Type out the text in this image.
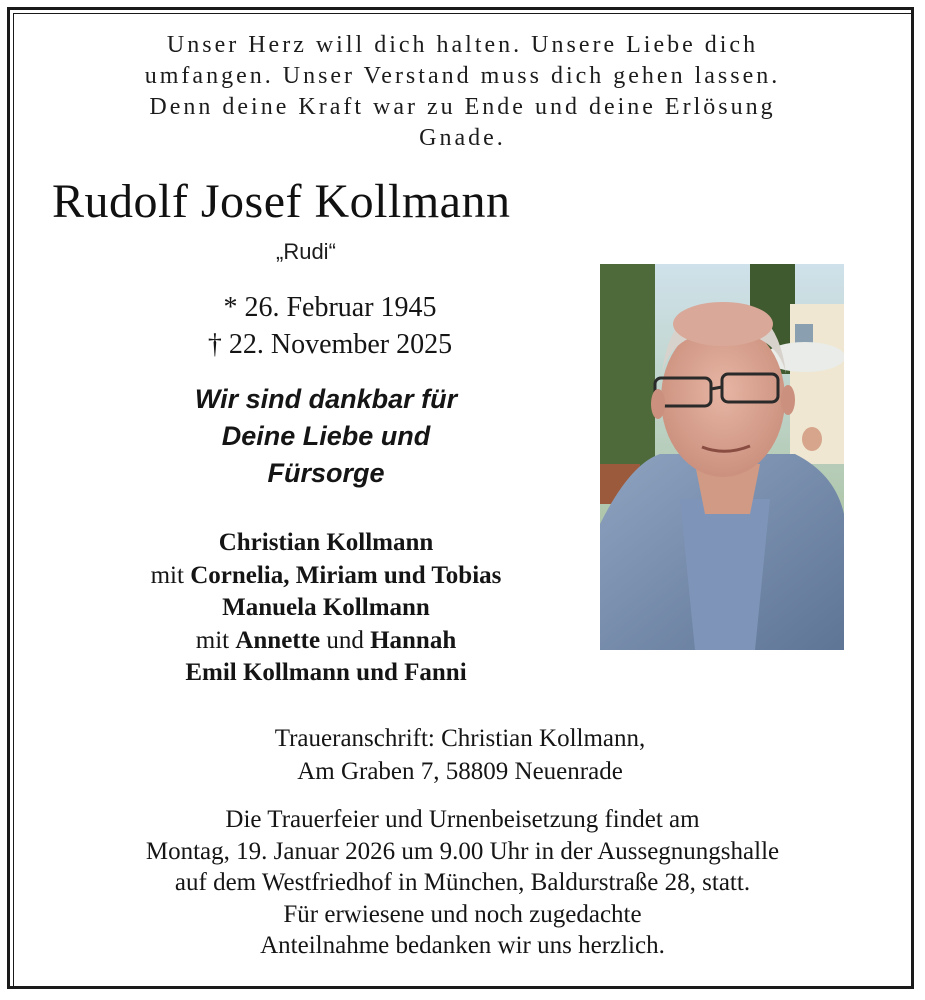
Unser Herz will dich halten. Unsere Liebe dich
umfangen. Unser Verstand muss dich gehen lassen.
Denn deine Kraft war zu Ende und deine Erlösung
Gnade.
Rudolf Josef Kollmann
„Rudi“
* 26. Februar 1945
† 22. November 2025
Wir sind dankbar für
Deine Liebe und
Fürsorge
Christian Kollmann
mit Cornelia, Miriam und Tobias
Manuela Kollmann
mit Annette und Hannah
Emil Kollmann und Fanni
Traueranschrift: Christian Kollmann,
Am Graben 7, 58809 Neuenrade
Die Trauerfeier und Urnenbeisetzung findet am
Montag, 19. Januar 2026 um 9.00 Uhr in der Aussegnungshalle
auf dem Westfriedhof in München, Baldurstraße 28, statt.
Für erwiesene und noch zugedachte
Anteilnahme bedanken wir uns herzlich.
